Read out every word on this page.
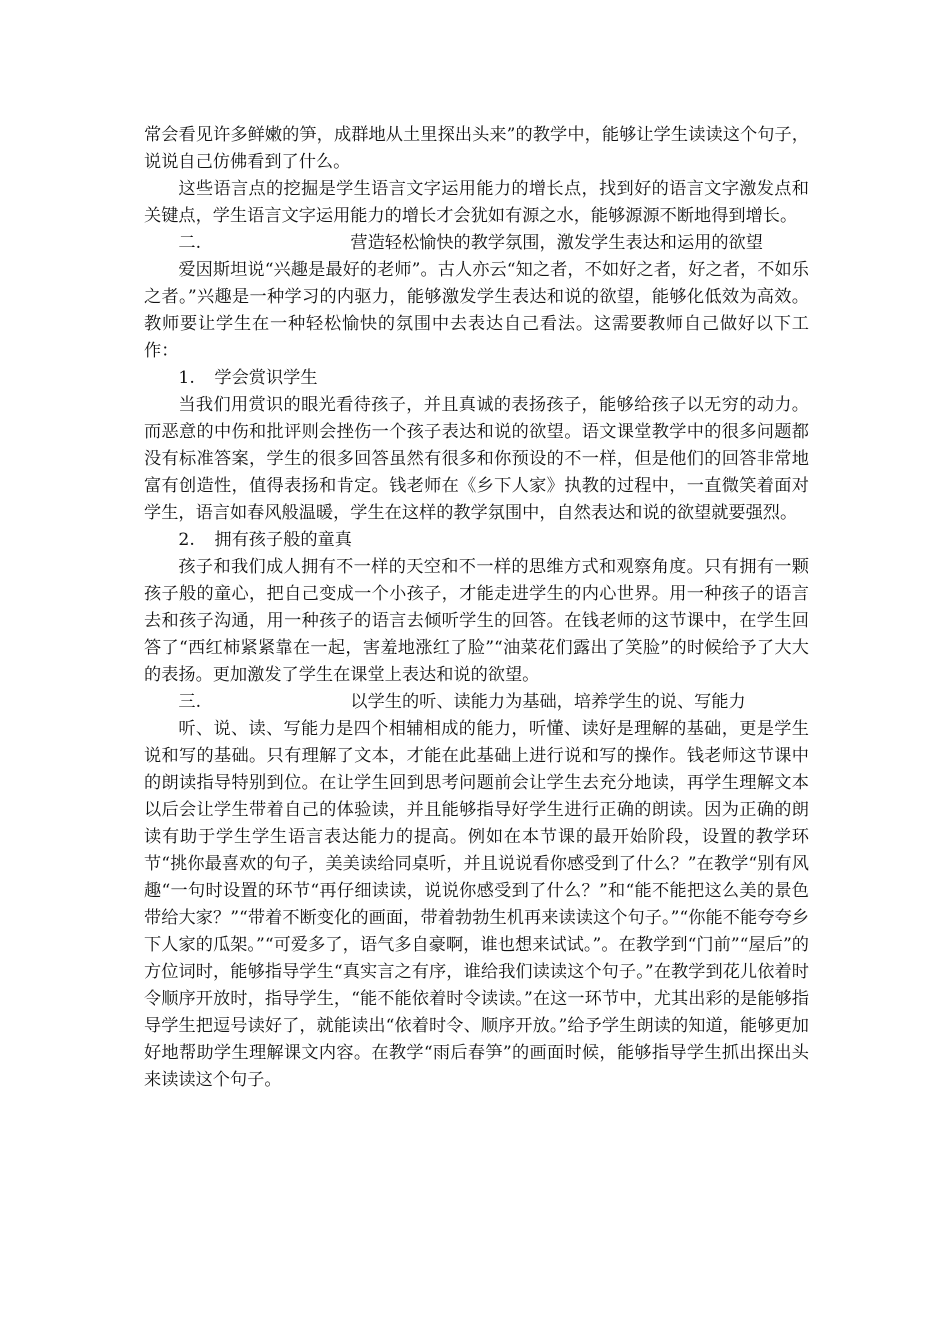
常会看见许多鲜嫩的笋，成群地从土里探出头来”的教学中，能够让学生读读这个句子，说说自己仿佛看到了什么。

这些语言点的挖掘是学生语言文字运用能力的增长点，找到好的语言文字激发点和关键点，学生语言文字运用能力的增长才会犹如有源之水，能够源源不断地得到增长。

二.	营造轻松愉快的教学氛围，激发学生表达和运用的欲望

爱因斯坦说“兴趣是最好的老师”。古人亦云“知之者，不如好之者，好之者，不如乐之者。”兴趣是一种学习的内驱力，能够激发学生表达和说的欲望，能够化低效为高效。教师要让学生在一种轻松愉快的氛围中去表达自己看法。这需要教师自己做好以下工作：

1.	学会赏识学生

当我们用赏识的眼光看待孩子，并且真诚的表扬孩子，能够给孩子以无穷的动力。而恶意的中伤和批评则会挫伤一个孩子表达和说的欲望。语文课堂教学中的很多问题都没有标准答案，学生的很多回答虽然有很多和你预设的不一样，但是他们的回答非常地富有创造性，值得表扬和肯定。钱老师在《乡下人家》执教的过程中，一直微笑着面对学生，语言如春风般温暖，学生在这样的教学氛围中，自然表达和说的欲望就要强烈。

2.	拥有孩子般的童真

孩子和我们成人拥有不一样的天空和不一样的思维方式和观察角度。只有拥有一颗孩子般的童心，把自己变成一个小孩子，才能走进学生的内心世界。用一种孩子的语言去和孩子沟通，用一种孩子的语言去倾听学生的回答。在钱老师的这节课中，在学生回答了“西红柿紧紧靠在一起，害羞地涨红了脸”“油菜花们露出了笑脸”的时候给予了大大的表扬。更加激发了学生在课堂上表达和说的欲望。

三.	以学生的听、读能力为基础，培养学生的说、写能力

听、说、读、写能力是四个相辅相成的能力，听懂、读好是理解的基础，更是学生说和写的基础。只有理解了文本，才能在此基础上进行说和写的操作。钱老师这节课中的朗读指导特别到位。在让学生回到思考问题前会让学生去充分地读，再学生理解文本以后会让学生带着自己的体验读，并且能够指导好学生进行正确的朗读。因为正确的朗读有助于学生学生语言表达能力的提高。例如在本节课的最开始阶段，设置的教学环节“挑你最喜欢的句子，美美读给同桌听，并且说说看你感受到了什么？”在教学“别有风趣“一句时设置的环节“再仔细读读，说说你感受到了什么？”和“能不能把这么美的景色带给大家？”“带着不断变化的画面，带着勃勃生机再来读读这个句子。”“你能不能夸夸乡下人家的瓜架。”“可爱多了，语气多自豪啊，谁也想来试试。”。在教学到“门前”“屋后”的方位词时，能够指导学生“真实言之有序，谁给我们读读这个句子。”在教学到花儿依着时令顺序开放时，指导学生，“能不能依着时令读读。”在这一环节中，尤其出彩的是能够指导学生把逗号读好了，就能读出“依着时令、顺序开放。”给予学生朗读的知道，能够更加好地帮助学生理解课文内容。在教学“雨后春笋”的画面时候，能够指导学生抓出探出头来读读这个句子。
